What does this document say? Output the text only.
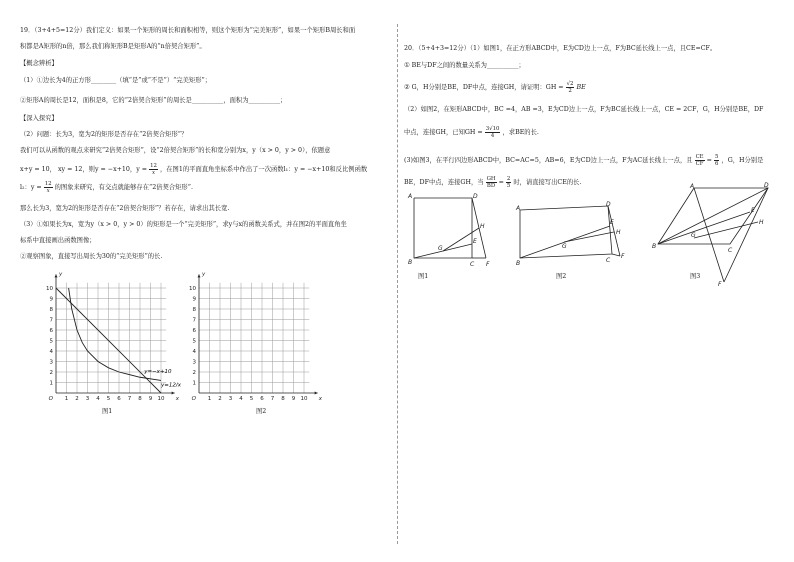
19．（3+4+5=12分）我们定义：如果一个矩形的周长和面积相等，则这个矩形为“完美矩形”，如果一个矩形B周长和面
积都是A矩形的n倍，那么我们称矩形B是矩形A的“n倍契合矩形”。
【概念辨析】
（1）①边长为4的正方形________（填“是”或“不是”）“完美矩形”；
②矩形A的周长是12，面积是8，它的“2倍契合矩形”的周长是__________，面积为__________；
【深入探究】
（2）问题：长为3，宽为2的矩形是否存在“2倍契合矩形”？
我们可以从函数的观点来研究“2倍契合矩形”，设“2倍契合矩形”的长和宽分别为x，y（x > 0，y > 0），依题意
x+y = 10， xy = 12，则y = −x+10，$y = \frac{12}{x}$ ，在图1的平面直角坐标系中作出了一次函数l₁：y = −x+10和反比例函数
l₂：$y = \frac{12}{x}$ 的图象来研究，有交点就能够存在“2倍契合矩形”.
那么长为3，宽为2的矩形是否存在“2倍契合矩形”？若存在，请求出其长宽.
（3）①如果长为x，宽为y（x > 0，y > 0）的矩形是一个“完美矩形”，求y与x的函数关系式，并在图2的平面直角坐
标系中直接画出函数图像；
②观察图象，直接写出周长为30的“完美矩形”的长.
1 2 3 4 5 6 7 8 9 10
1
2
3
4
5
6
7
8
9
10
O	x
y
y=−x+10
y=12/x
1 2 3 4 5 6 7 8 9 10
1
2
3
4
5
6
7
8
9
10
O	x
y
图1	图2
20．（5+4+3=12分）（1）如图1，在正方形ABCD中，E为CD边上一点，F为BC延长线上一点，且CE=CF。
① BE与DF之间的数量关系为__________；
② G，H分别是BE，DF中点，连接GH，请证明：GH = $\frac{√2}{2}$ BE
（2）如图2，在矩形ABCD中，BC =4，AB =3，E为CD边上一点，F为BC延长线上一点，CE = 2CF，G，H分别是BE，DF
中点，连接GH，已知GH = $\frac{3√10}{4}$ ，求BE的长.
(3)如图3，在平行四边形ABCD中，BC=AC=5，AB=6，E为CD边上一点，F为AC延长线上一点，且 $\frac{CE}{CF} = \frac{5}{6}$ ，G，H分别是
BE，DF中点，连接GH，当 $\frac{GH}{BD} = \frac{2}{5}$ 时，请直接写出CE的长.
A	D
B	C F
E
G
H
图1
A
D
B	C
F
E
G
H
图2
A	D
B
C
F
E
G
H
图3
